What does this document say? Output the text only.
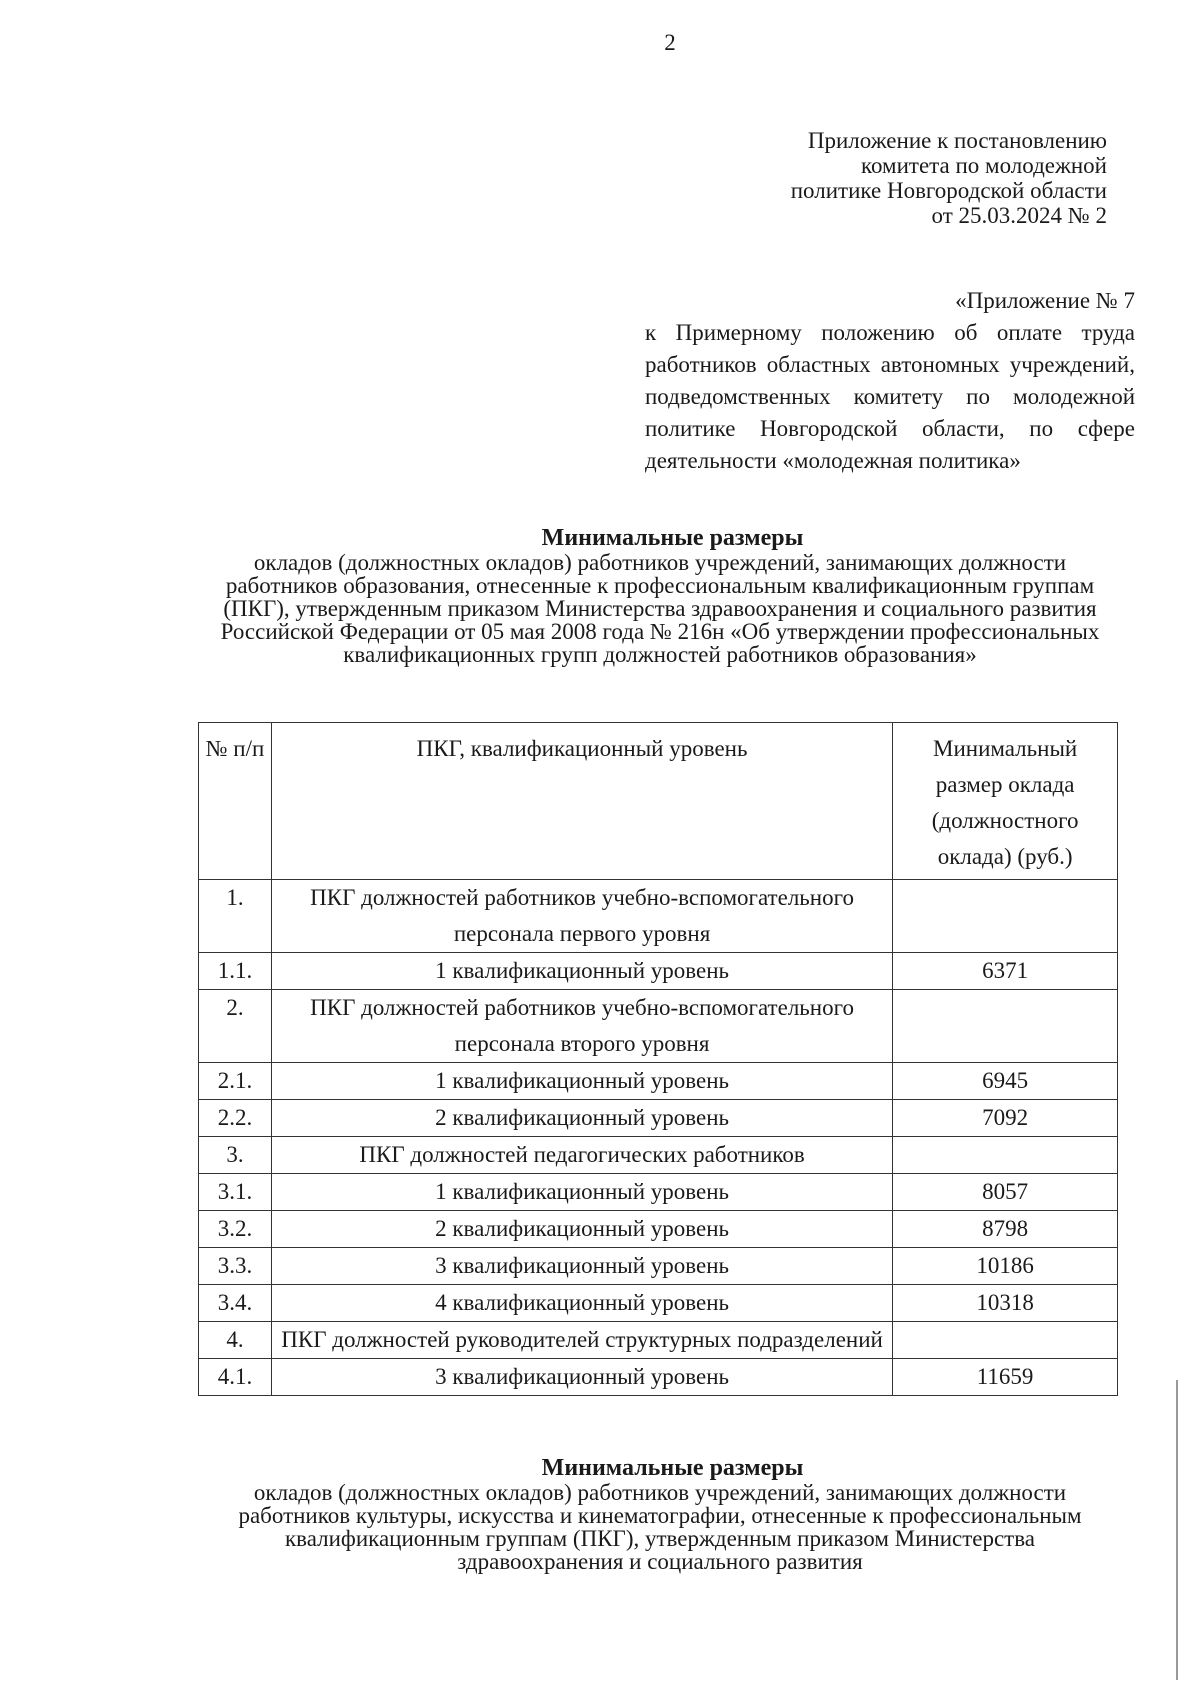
2
Приложение к постановлению
комитета по молодежной
политике Новгородской области
от 25.03.2024 № 2
«Приложение № 7
к Примерному положению об оплате труда работников областных автономных учреждений, подведомственных комитету по молодежной политике Новгородской области, по сфере деятельности «молодежная политика»
Минимальные размеры
окладов (должностных окладов) работников учреждений, занимающих должности работников образования, отнесенные к профессиональным квалификационным группам (ПКГ), утвержденным приказом Министерства здравоохранения и социального развития Российской Федерации от 05 мая 2008 года № 216н «Об утверждении профессиональных квалификационных групп должностей работников образования»
№ п/п	ПКГ, квалификационный уровень	Минимальный размер оклада (должностного оклада) (руб.)
1.	ПКГ должностей работников учебно-вспомогательного персонала первого уровня	
1.1.	1 квалификационный уровень	6371
2.	ПКГ должностей работников учебно-вспомогательного персонала второго уровня	
2.1.	1 квалификационный уровень	6945
2.2.	2 квалификационный уровень	7092
3.	ПКГ должностей педагогических работников	
3.1.	1 квалификационный уровень	8057
3.2.	2 квалификационный уровень	8798
3.3.	3 квалификационный уровень	10186
3.4.	4 квалификационный уровень	10318
4.	ПКГ должностей руководителей структурных подразделений	
4.1.	3 квалификационный уровень	11659
Минимальные размеры
окладов (должностных окладов) работников учреждений, занимающих должности работников культуры, искусства и кинематографии, отнесенные к профессиональным квалификационным группам (ПКГ), утвержденным приказом Министерства здравоохранения и социального развития
